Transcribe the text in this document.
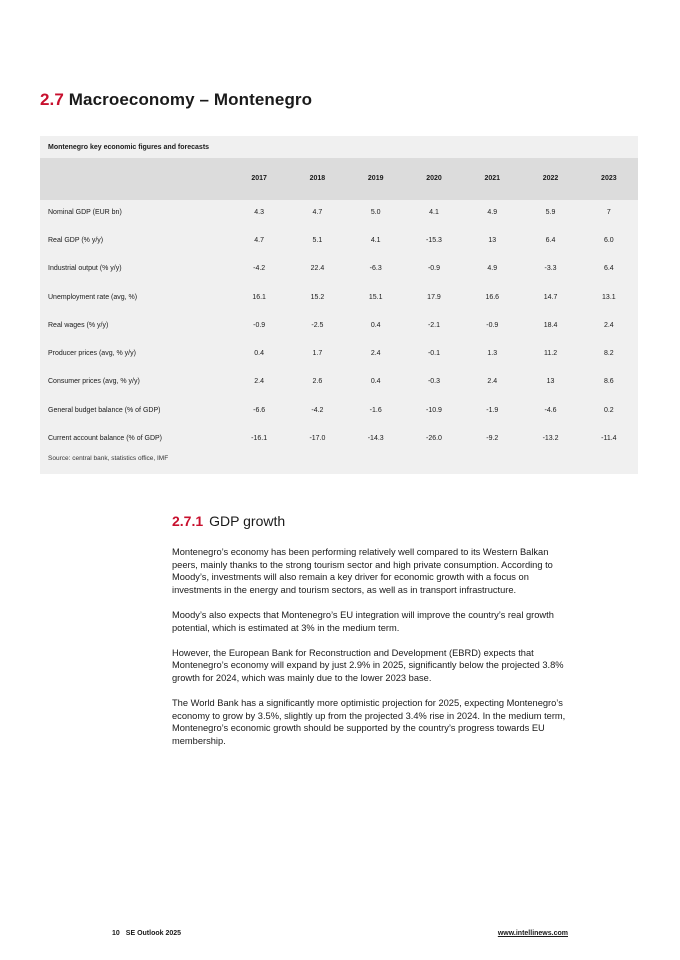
2.7 Macroeconomy – Montenegro
Montenegro key economic figures and forecasts
Source: central bank, statistics office, IMF
	2017	2018	2019	2020	2021	2022	2023
Nominal GDP (EUR bn)	4.3	4.7	5.0	4.1	4.9	5.9	7
Real GDP (% y/y)	4.7	5.1	4.1	-15.3	13	6.4	6.0
Industrial output (% y/y)	-4.2	22.4	-6.3	-0.9	4.9	-3.3	6.4
Unemployment rate (avg, %)	16.1	15.2	15.1	17.9	16.6	14.7	13.1
Real wages (% y/y)	-0.9	-2.5	0.4	-2.1	-0.9	18.4	2.4
Producer prices (avg, % y/y)	0.4	1.7	2.4	-0.1	1.3	11.2	8.2
Consumer prices (avg, % y/y)	2.4	2.6	0.4	-0.3	2.4	13	8.6
General budget balance (% of GDP)	-6.6	-4.2	-1.6	-10.9	-1.9	-4.6	0.2
Current account balance (% of GDP)	-16.1	-17.0	-14.3	-26.0	-9.2	-13.2	-11.4
2.7.1 GDP growth

Montenegro’s economy has been performing relatively well compared to its Western Balkan peers, mainly thanks to the strong tourism sector and high private consumption. According to Moody’s, investments will also remain a key driver for economic growth with a focus on investments in the energy and tourism sectors, as well as in transport infrastructure.

Moody’s also expects that Montenegro’s EU integration will improve the country’s real growth potential, which is estimated at 3% in the medium term.

However, the European Bank for Reconstruction and Development (EBRD) expects that Montenegro’s economy will expand by just 2.9% in 2025, significantly below the projected 3.8% growth for 2024, which was mainly due to the lower 2023 base.

The World Bank has a significantly more optimistic projection for 2025, expecting Montenegro’s economy to grow by 3.5%, slightly up from the projected 3.4% rise in 2024. In the medium term, Montenegro’s economic growth should be supported by the country’s progress towards EU membership.

10 SE Outlook 2025	www.intellinews.com
